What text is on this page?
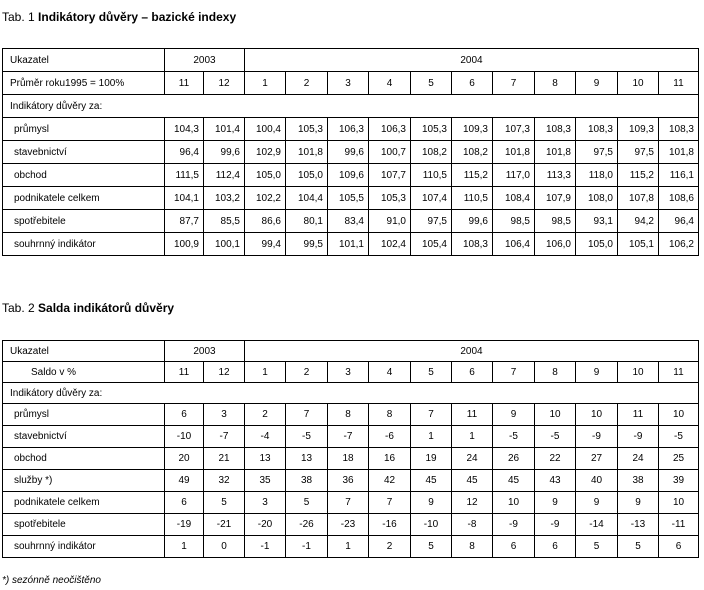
Tab. 1 Indikátory důvěry – bazické indexy
Ukazatel	2003		2004										
Průměr roku1995 = 100%	11	12	1	2	3	4	5	6	7	8	9	10	11
Indikátory důvěry za:													
průmysl	104,3	101,4	100,4	105,3	106,3	106,3	105,3	109,3	107,3	108,3	108,3	109,3	108,3
stavebnictví	96,4	99,6	102,9	101,8	99,6	100,7	108,2	108,2	101,8	101,8	97,5	97,5	101,8
obchod	111,5	112,4	105,0	105,0	109,6	107,7	110,5	115,2	117,0	113,3	118,0	115,2	116,1
podnikatele celkem	104,1	103,2	102,2	104,4	105,5	105,3	107,4	110,5	108,4	107,9	108,0	107,8	108,6
spotřebitele	87,7	85,5	86,6	80,1	83,4	91,0	97,5	99,6	98,5	98,5	93,1	94,2	96,4
souhrnný indikátor	100,9	100,1	99,4	99,5	101,1	102,4	105,4	108,3	106,4	106,0	105,0	105,1	106,2
Tab. 2 Salda indikátorů důvěry
Ukazatel	2003		2004										
Saldo v %	11	12	1	2	3	4	5	6	7	8	9	10	11
Indikátory důvěry za:													
průmysl	6	3	2	7	8	8	7	11	9	10	10	11	10
stavebnictví	-10	-7	-4	-5	-7	-6	1	1	-5	-5	-9	-9	-5
obchod	20	21	13	13	18	16	19	24	26	22	27	24	25
služby *)	49	32	35	38	36	42	45	45	45	43	40	38	39
podnikatele celkem	6	5	3	5	7	7	9	12	10	9	9	9	10
spotřebitele	-19	-21	-20	-26	-23	-16	-10	-8	-9	-9	-14	-13	-11
souhrnný indikátor	1	0	-1	-1	1	2	5	8	6	6	5	5	6
*) sezónně neočištěno
